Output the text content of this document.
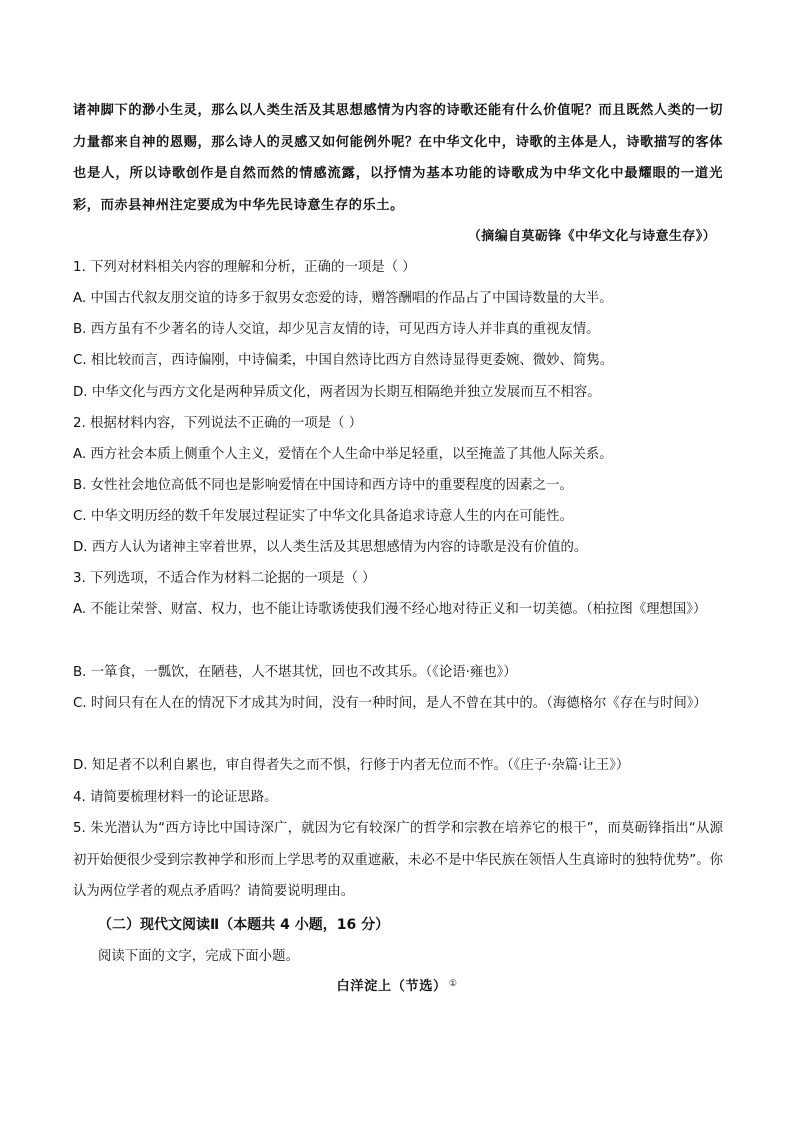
诸神脚下的渺小生灵，那么以人类生活及其思想感情为内容的诗歌还能有什么价值呢？而且既然人类的一切力量都来自神的恩赐，那么诗人的灵感又如何能例外呢？在中华文化中，诗歌的主体是人，诗歌描写的客体也是人，所以诗歌创作是自然而然的情感流露，以抒情为基本功能的诗歌成为中华文化中最耀眼的一道光彩，而赤县神州注定要成为中华先民诗意生存的乐土。

（摘编自莫砺锋《中华文化与诗意生存》）
1. 下列对材料相关内容的理解和分析，正确的一项是（ ）
A. 中国古代叙友朋交谊的诗多于叙男女恋爱的诗，赠答酬唱的作品占了中国诗数量的大半。
B. 西方虽有不少著名的诗人交谊，却少见言友情的诗，可见西方诗人并非真的重视友情。
C. 相比较而言，西诗偏刚，中诗偏柔，中国自然诗比西方自然诗显得更委婉、微妙、简隽。
D. 中华文化与西方文化是两种异质文化，两者因为长期互相隔绝并独立发展而互不相容。
2. 根据材料内容，下列说法不正确的一项是（ ）
A. 西方社会本质上侧重个人主义，爱情在个人生命中举足轻重，以至掩盖了其他人际关系。
B. 女性社会地位高低不同也是影响爱情在中国诗和西方诗中的重要程度的因素之一。
C. 中华文明历经的数千年发展过程证实了中华文化具备追求诗意人生的内在可能性。
D. 西方人认为诸神主宰着世界，以人类生活及其思想感情为内容的诗歌是没有价值的。
3. 下列选项，不适合作为材料二论据的一项是（ ）
A. 不能让荣誉、财富、权力，也不能让诗歌诱使我们漫不经心地对待正义和一切美德。（柏拉图《理想国》）
B. 一箪食，一瓢饮，在陋巷，人不堪其忧，回也不改其乐。（《论语·雍也》）
C. 时间只有在人在的情况下才成其为时间，没有一种时间，是人不曾在其中的。（海德格尔《存在与时间》）
D. 知足者不以利自累也，审自得者失之而不惧，行修于内者无位而不怍。（《庄子·杂篇·让王》）
4. 请简要梳理材料一的论证思路。
5. 朱光潜认为“西方诗比中国诗深广，就因为它有较深广的哲学和宗教在培养它的根干”，而莫砺锋指出“从源初开始便很少受到宗教神学和形而上学思考的双重遮蔽，未必不是中华民族在领悟人生真谛时的独特优势”。你认为两位学者的观点矛盾吗？请简要说明理由。
（二）现代文阅读Ⅱ（本题共 4 小题，16 分）
阅读下面的文字，完成下面小题。
白洋淀上（节选） ①
